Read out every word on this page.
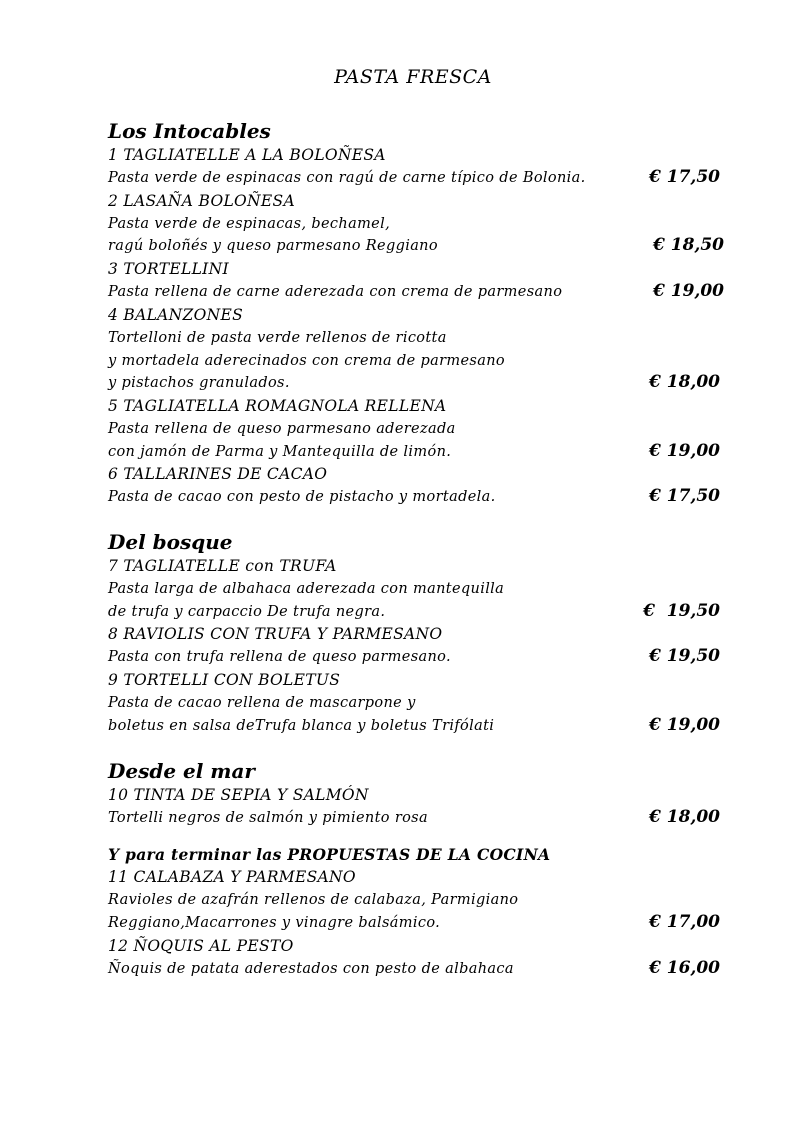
PASTA FRESCA
Los Intocables
1 TAGLIATELLE A LA BOLOÑESA
Pasta verde de espinacas con ragú de carne típico de Bolonia.	€ 17,50
2 LASAÑA BOLOÑESA
Pasta verde de espinacas, bechamel,
ragú boloñés y queso parmesano Reggiano	€ 18,50
3 TORTELLINI
Pasta rellena de carne aderezada con crema de parmesano	€ 19,00
4 BALANZONES
Tortelloni de pasta verde rellenos de ricotta
y mortadela aderecinados con crema de parmesano
y pistachos granulados.	€ 18,00
5 TAGLIATELLA ROMAGNOLA RELLENA
Pasta rellena de queso parmesano aderezada
con jamón de Parma y Mantequilla de limón.	€ 19,00
6 TALLARINES DE CACAO
Pasta de cacao con pesto de pistacho y mortadela.	€ 17,50
Del bosque
7 TAGLIATELLE con TRUFA
Pasta larga de albahaca aderezada con mantequilla
de trufa y carpaccio De trufa negra.	€  19,50
8 RAVIOLIS CON TRUFA Y PARMESANO
Pasta con trufa rellena de queso parmesano.	€ 19,50
9 TORTELLI CON BOLETUS
Pasta de cacao rellena de mascarpone y
boletus en salsa deTrufa blanca y boletus Trifólati	€ 19,00
Desde el mar
10 TINTA DE SEPIA Y SALMÓN
Tortelli negros de salmón y pimiento rosa	€ 18,00
Y para terminar las PROPUESTAS DE LA COCINA
11 CALABAZA Y PARMESANO
Ravioles de azafrán rellenos de calabaza, Parmigiano
Reggiano,Macarrones y vinagre balsámico.	€ 17,00
12 ÑOQUIS AL PESTO
Ñoquis de patata aderestados con pesto de albahaca	€ 16,00
